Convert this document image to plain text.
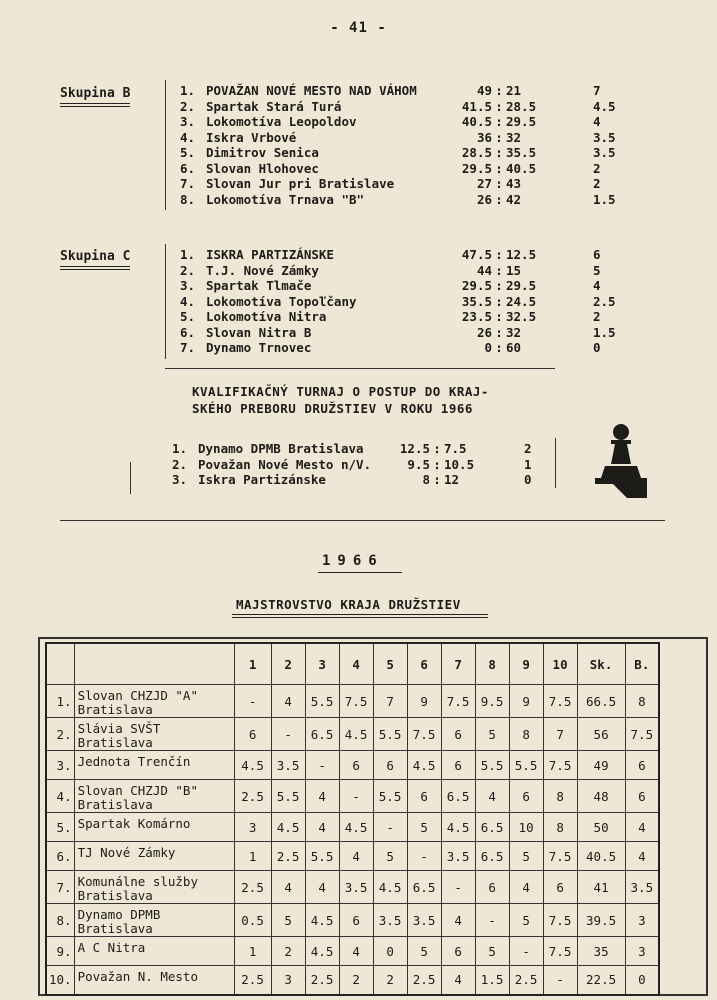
- 41 -
Skupina B	1. POVAŽAN NOVÉ MESTO NAD VÁHOM	49 : 21	7
2. Spartak Stará Turá	41.5 : 28.5	4.5
3. Lokomotíva Leopoldov	40.5 : 29.5	4
4. Iskra Vrbové	36 : 32	3.5
5. Dimitrov Senica	28.5 : 35.5	3.5
6. Slovan Hlohovec	29.5 : 40.5	2
7. Slovan Jur pri Bratislave	27 : 43	2
8. Lokomotíva Trnava "B"	26 : 42	1.5
Skupina C	1. ISKRA PARTIZÁNSKE	47.5 : 12.5	6
2. T.J. Nové Zámky	44 : 15	5
3. Spartak Tlmače	29.5 : 29.5	4
4. Lokomotíva Topoľčany	35.5 : 24.5	2.5
5. Lokomotíva Nitra	23.5 : 32.5	2
6. Slovan Nitra B	26 : 32	1.5
7. Dynamo Trnovec	0 : 60	0
KVALIFIKAČNÝ TURNAJ O POSTUP DO KRAJ-
SKÉHO PREBORU DRUŽSTIEV V ROKU 1966
1. Dynamo DPMB Bratislava	12.5 : 7.5	2
2. Považan Nové Mesto n/V.	9.5 : 10.5	1
3. Iskra Partizánske	8 : 12	0
1966
MAJSTROVSTVO KRAJA DRUŽSTIEV
		1	2	3	4	5	6	7	8	9	10	Sk.	B.
1.	Slovan CHZJD "A"
Bratislava	-	4	5.5	7.5	7	9	7.5	9.5	9	7.5	66.5	8
2.	Slávia SVŠT
Bratislava	6	-	6.5	4.5	5.5	7.5	6	5	8	7	56	7.5
3.	Jednota Trenčín	4.5	3.5	-	6	6	4.5	6	5.5	5.5	7.5	49	6
4.	Slovan CHZJD "B"
Bratislava	2.5	5.5	4	-	5.5	6	6.5	4	6	8	48	6
5.	Spartak Komárno	3	4.5	4	4.5	-	5	4.5	6.5	10	8	50	4
6.	TJ Nové Zámky	1	2.5	5.5	4	5	-	3.5	6.5	5	7.5	40.5	4
7.	Komunálne služby
Bratislava	2.5	4	4	3.5	4.5	6.5	-	6	4	6	41	3.5
8.	Dynamo DPMB
Bratislava	0.5	5	4.5	6	3.5	3.5	4	-	5	7.5	39.5	3
9.	A C Nitra	1	2	4.5	4	0	5	6	5	-	7.5	35	3
10.	Považan N. Mesto	2.5	3	2.5	2	2	2.5	4	1.5	2.5	-	22.5	0
